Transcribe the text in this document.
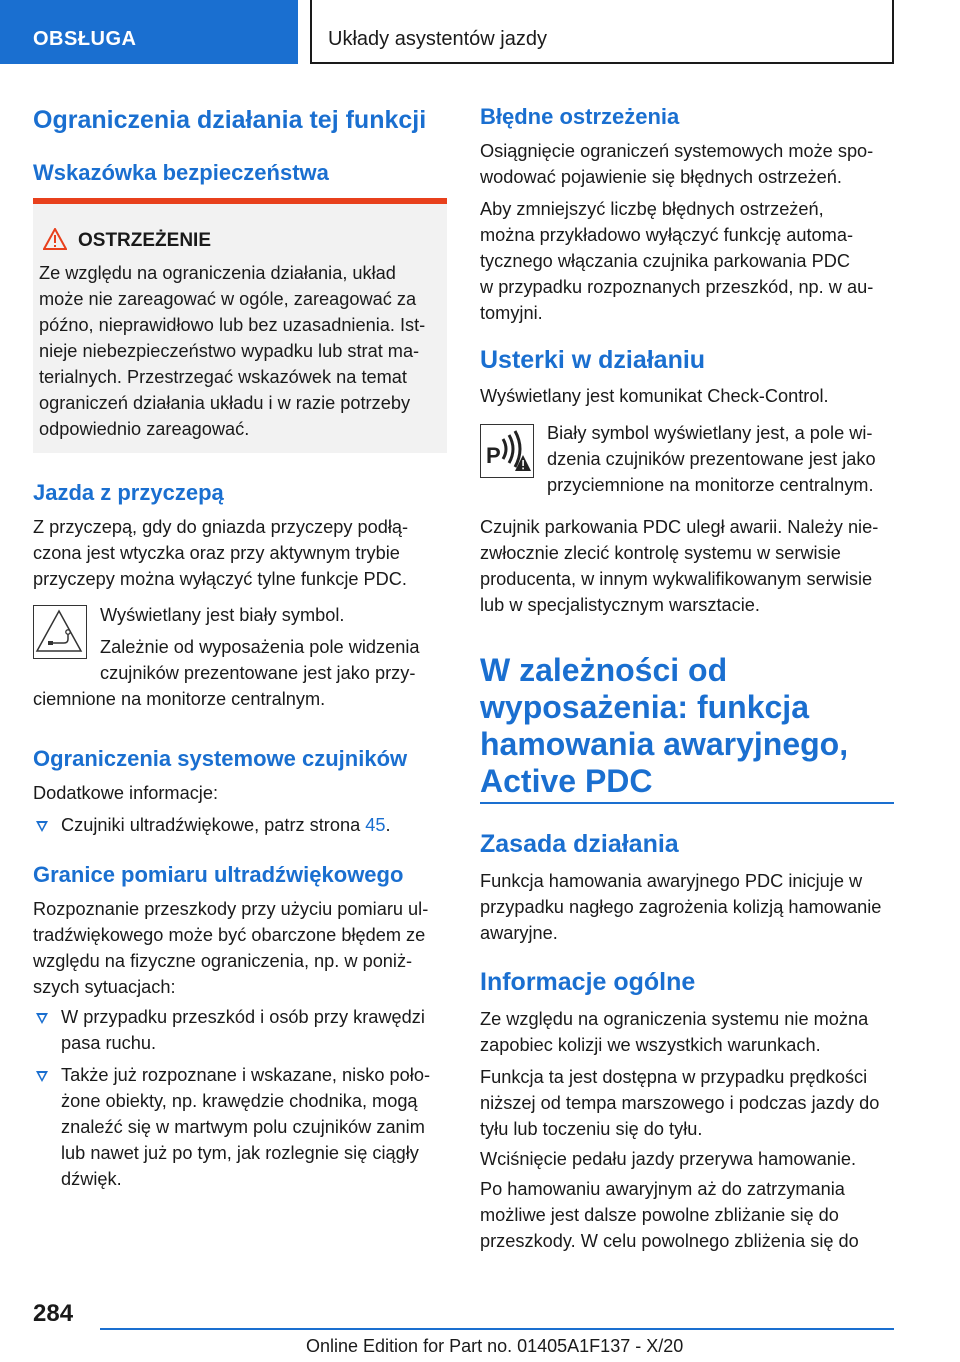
OBSŁUGA	Układy asystentów jazdy
Ograniczenia działania tej funkcji
Wskazówka bezpieczeństwa
OSTRZEŻENIE
Ze względu na ograniczenia działania, układ
może nie zareagować w ogóle, zareagować za
późno, nieprawidłowo lub bez uzasadnienia. Ist-
nieje niebezpieczeństwo wypadku lub strat ma-
terialnych. Przestrzegać wskazówek na temat
ograniczeń działania układu i w razie potrzeby
odpowiednio zareagować.
Jazda z przyczepą
Z przyczepą, gdy do gniazda przyczepy podłą-
czona jest wtyczka oraz przy aktywnym trybie
przyczepy można wyłączyć tylne funkcje PDC.
Wyświetlany jest biały symbol.
Zależnie od wyposażenia pole widzenia
czujników prezentowane jest jako przy-
ciemnione na monitorze centralnym.
Ograniczenia systemowe czujników
Dodatkowe informacje:
Czujniki ultradźwiękowe, patrz strona 45.
Granice pomiaru ultradźwiękowego
Rozpoznanie przeszkody przy użyciu pomiaru ul-
tradźwiękowego może być obarczone błędem ze
względu na fizyczne ograniczenia, np. w poniż-
szych sytuacjach:
W przypadku przeszkód i osób przy krawędzi
pasa ruchu.
Także już rozpoznane i wskazane, nisko poło-
żone obiekty, np. krawędzie chodnika, mogą
znaleźć się w martwym polu czujników zanim
lub nawet już po tym, jak rozlegnie się ciągły
dźwięk.
Błędne ostrzeżenia
Osiągnięcie ograniczeń systemowych może spo-
wodować pojawienie się błędnych ostrzeżeń.
Aby zmniejszyć liczbę błędnych ostrzeżeń,
można przykładowo wyłączyć funkcję automa-
tycznego włączania czujnika parkowania PDC
w przypadku rozpoznanych przeszkód, np. w au-
tomyjni.
Usterki w działaniu
Wyświetlany jest komunikat Check-Control.
P
Biały symbol wyświetlany jest, a pole wi-
dzenia czujników prezentowane jest jako
przyciemnione na monitorze centralnym.
Czujnik parkowania PDC uległ awarii. Należy nie-
zwłocznie zlecić kontrolę systemu w serwisie
producenta, w innym wykwalifikowanym serwisie
lub w specjalistycznym warsztacie.
W zależności od
wyposażenia: funkcja
hamowania awaryjnego,
Active PDC
Zasada działania
Funkcja hamowania awaryjnego PDC inicjuje w
przypadku nagłego zagrożenia kolizją hamowanie
awaryjne.
Informacje ogólne
Ze względu na ograniczenia systemu nie można
zapobiec kolizji we wszystkich warunkach.
Funkcja ta jest dostępna w przypadku prędkości
niższej od tempa marszowego i podczas jazdy do
tyłu lub toczeniu się do tyłu.
Wciśnięcie pedału jazdy przerywa hamowanie.
Po hamowaniu awaryjnym aż do zatrzymania
możliwe jest dalsze powolne zbliżanie się do
przeszkody. W celu powolnego zbliżenia się do
284
Online Edition for Part no. 01405A1F137 - X/20
